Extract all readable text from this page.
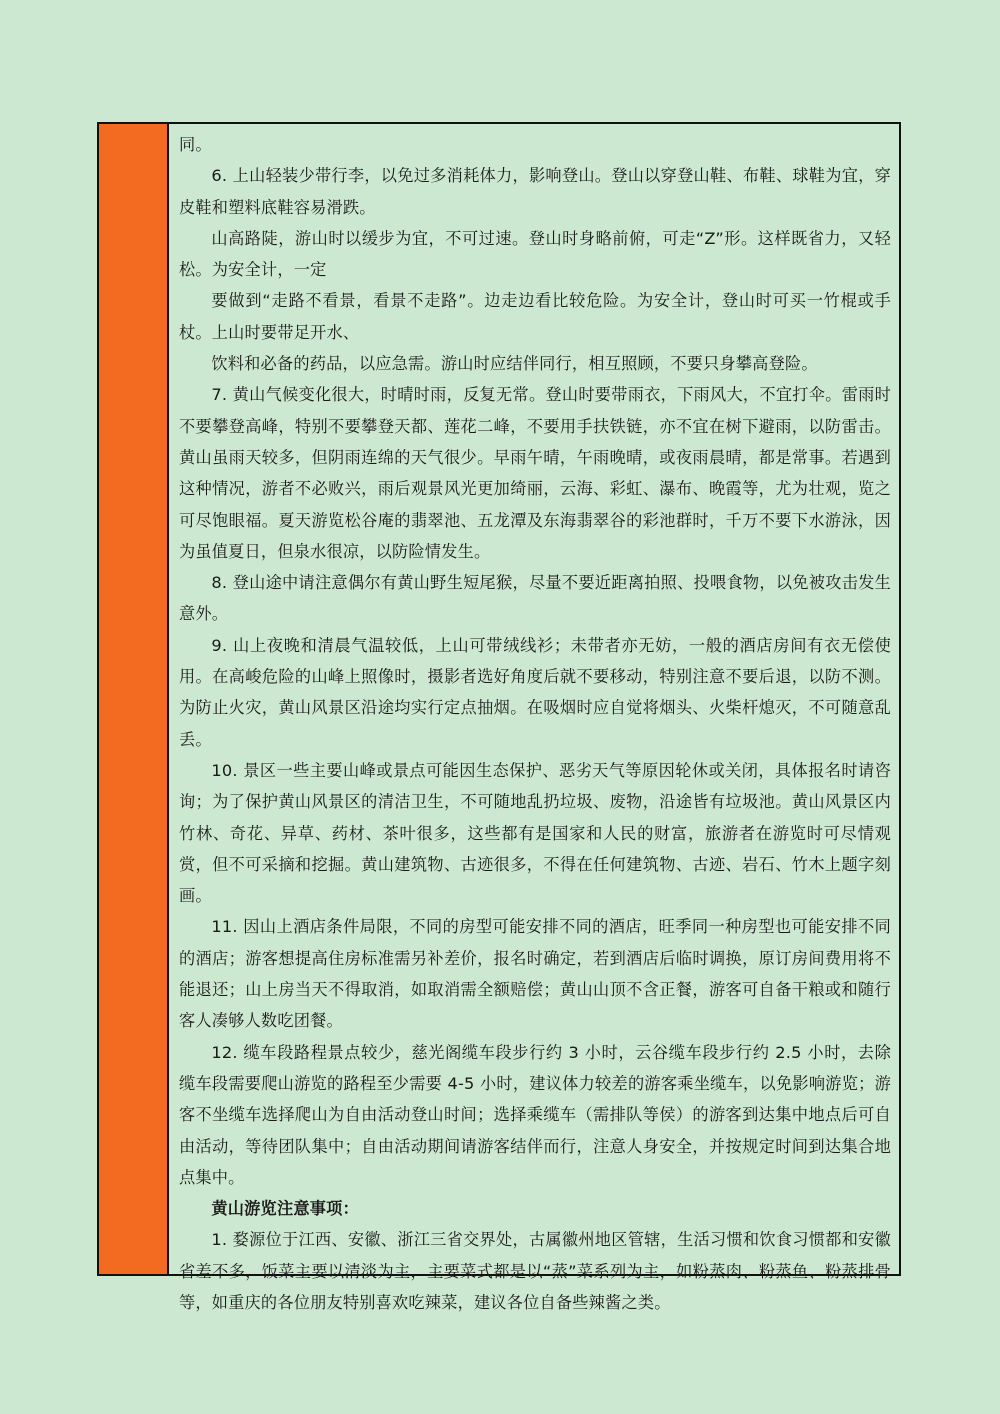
同。

6. 上山轻装少带行李，以免过多消耗体力，影响登山。登山以穿登山鞋、布鞋、球鞋为宜，穿皮鞋和塑料底鞋容易滑跌。

山高路陡，游山时以缓步为宜，不可过速。登山时身略前俯，可走“Z”形。这样既省力，又轻松。为安全计，一定

要做到“走路不看景，看景不走路”。边走边看比较危险。为安全计，登山时可买一竹棍或手杖。上山时要带足开水、

饮料和必备的药品，以应急需。游山时应结伴同行，相互照顾，不要只身攀高登险。

7. 黄山气候变化很大，时晴时雨，反复无常。登山时要带雨衣，下雨风大，不宜打伞。雷雨时不要攀登高峰，特别不要攀登天都、莲花二峰，不要用手扶铁链，亦不宜在树下避雨，以防雷击。黄山虽雨天较多，但阴雨连绵的天气很少。早雨午晴，午雨晚晴，或夜雨晨晴，都是常事。若遇到这种情况，游者不必败兴，雨后观景风光更加绮丽，云海、彩虹、瀑布、晚霞等，尤为壮观，览之可尽饱眼福。夏天游览松谷庵的翡翠池、五龙潭及东海翡翠谷的彩池群时，千万不要下水游泳，因为虽值夏日，但泉水很凉，以防险情发生。

8. 登山途中请注意偶尔有黄山野生短尾猴，尽量不要近距离拍照、投喂食物，以免被攻击发生意外。

9. 山上夜晚和清晨气温较低，上山可带绒线衫；未带者亦无妨，一般的酒店房间有衣无偿使用。在高峻危险的山峰上照像时，摄影者选好角度后就不要移动，特别注意不要后退，以防不测。为防止火灾，黄山风景区沿途均实行定点抽烟。在吸烟时应自觉将烟头、火柴杆熄灭，不可随意乱丢。

10. 景区一些主要山峰或景点可能因生态保护、恶劣天气等原因轮休或关闭，具体报名时请咨询；为了保护黄山风景区的清洁卫生，不可随地乱扔垃圾、废物，沿途皆有垃圾池。黄山风景区内竹林、奇花、异草、药材、茶叶很多，这些都有是国家和人民的财富，旅游者在游览时可尽情观赏，但不可采摘和挖掘。黄山建筑物、古迹很多，不得在任何建筑物、古迹、岩石、竹木上题字刻画。

11. 因山上酒店条件局限，不同的房型可能安排不同的酒店，旺季同一种房型也可能安排不同的酒店；游客想提高住房标准需另补差价，报名时确定，若到酒店后临时调换，原订房间费用将不能退还；山上房当天不得取消，如取消需全额赔偿；黄山山顶不含正餐，游客可自备干粮或和随行客人凑够人数吃团餐。

12. 缆车段路程景点较少，慈光阁缆车段步行约 3 小时，云谷缆车段步行约 2.5 小时，去除缆车段需要爬山游览的路程至少需要 4-5 小时，建议体力较差的游客乘坐缆车，以免影响游览；游客不坐缆车选择爬山为自由活动登山时间；选择乘缆车（需排队等侯）的游客到达集中地点后可自由活动，等待团队集中；自由活动期间请游客结伴而行，注意人身安全，并按规定时间到达集合地点集中。

黄山游览注意事项：

1. 婺源位于江西、安徽、浙江三省交界处，古属徽州地区管辖，生活习惯和饮食习惯都和安徽省差不多，饭菜主要以清淡为主，主要菜式都是以“蒸”菜系列为主，如粉蒸肉、粉蒸鱼、粉蒸排骨等，如重庆的各位朋友特别喜欢吃辣菜，建议各位自备些辣酱之类。
